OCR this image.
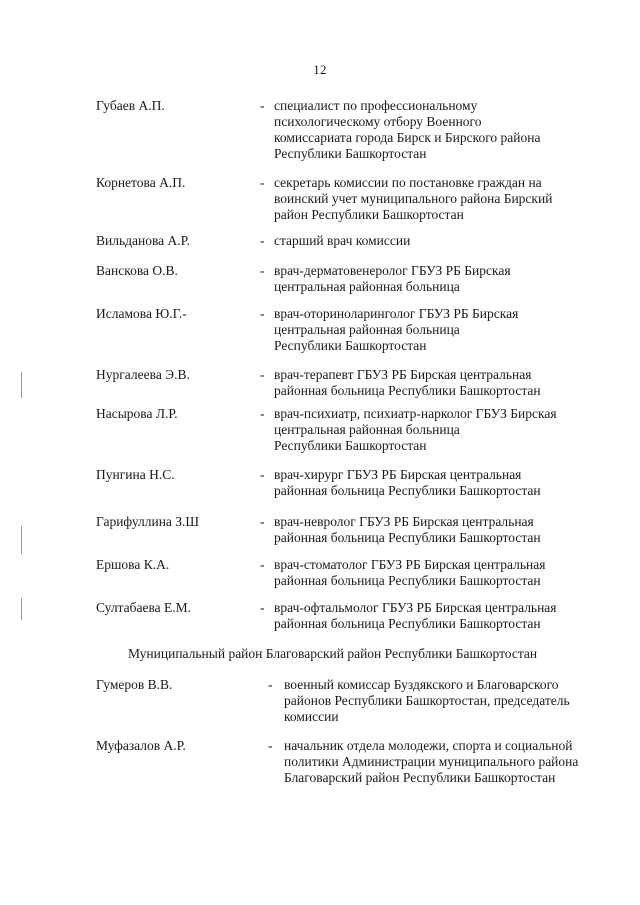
12
Губаев А.П.	- специалист по профессиональному
психологическому отбору Военного
комиссариата города Бирск и Бирского района
Республики Башкортостан
Корнетова А.П.	- секретарь комиссии по постановке граждан на
воинский учет муниципального района Бирский
район Республики Башкортостан
Вильданова А.Р.	- старший врач комиссии
Ванскова О.В.	- врач-дерматовенеролог ГБУЗ РБ Бирская
центральная районная больница
Исламова Ю.Г.-	- врач-оториноларинголог ГБУЗ РБ Бирская
центральная районная больница
Республики Башкортостан
Нургалеева Э.В.	- врач-терапевт ГБУЗ РБ Бирская центральная
районная больница Республики Башкортостан
Насырова Л.Р.	- врач-психиатр, психиатр-нарколог ГБУЗ Бирская
центральная районная больница
Республики Башкортостан
Пунгина Н.С.	- врач-хирург ГБУЗ РБ Бирская центральная
районная больница Республики Башкортостан
Гарифуллина З.Ш	- врач-невролог ГБУЗ РБ Бирская центральная
районная больница Республики Башкортостан
Ершова К.А.	- врач-стоматолог ГБУЗ РБ Бирская центральная
районная больница Республики Башкортостан
Султабаева Е.М.	- врач-офтальмолог ГБУЗ РБ Бирская центральная
районная больница Республики Башкортостан
Муниципальный район Благоварский район Республики Башкортостан
Гумеров В.В.	- военный комиссар Буздякского и Благоварского
районов Республики Башкортостан, председатель
комиссии
Муфазалов А.Р.	- начальник отдела молодежи, спорта и социальной
политики Администрации муниципального района
Благоварский район Республики Башкортостан
